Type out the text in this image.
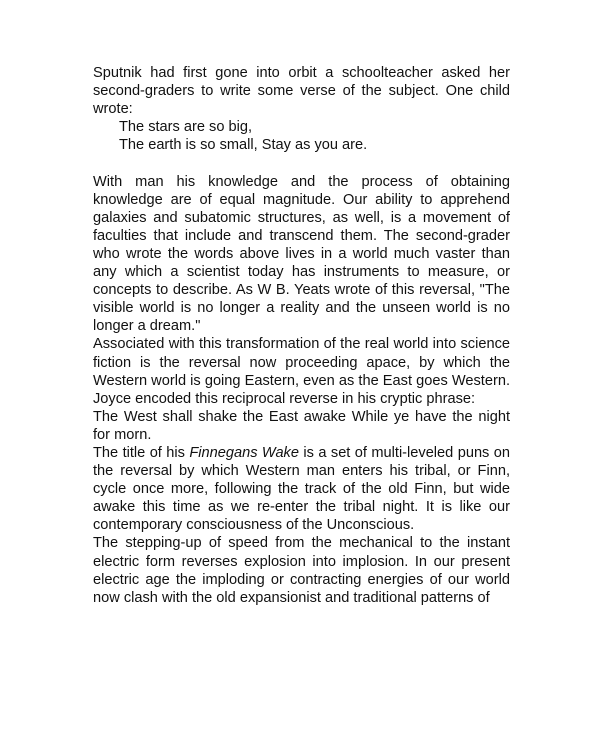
Sputnik had first gone into orbit a schoolteacher asked her second-graders to write some verse of the subject. One child wrote:

The stars are so big,

The earth is so small, Stay as you are.

With man his knowledge and the process of obtaining knowledge are of equal magnitude. Our ability to apprehend galaxies and subatomic structures, as well, is a movement of faculties that include and transcend them. The second-grader who wrote the words above lives in a world much vaster than any which a scientist today has instruments to measure, or concepts to describe. As W B. Yeats wrote of this reversal, "The visible world is no longer a reality and the unseen world is no longer a dream."

Associated with this transformation of the real world into science fiction is the reversal now proceeding apace, by which the Western world is going Eastern, even as the East goes Western. Joyce encoded this reciprocal reverse in his cryptic phrase:

The West shall shake the East awake While ye have the night for morn.

The title of his Finnegans Wake is a set of multi-leveled puns on the reversal by which Western man enters his tribal, or Finn, cycle once more, following the track of the old Finn, but wide awake this time as we re-enter the tribal night. It is like our contemporary consciousness of the Unconscious.

The stepping-up of speed from the mechanical to the instant electric form reverses explosion into implosion. In our present electric age the imploding or contracting energies of our world now clash with the old expansionist and traditional patterns of
